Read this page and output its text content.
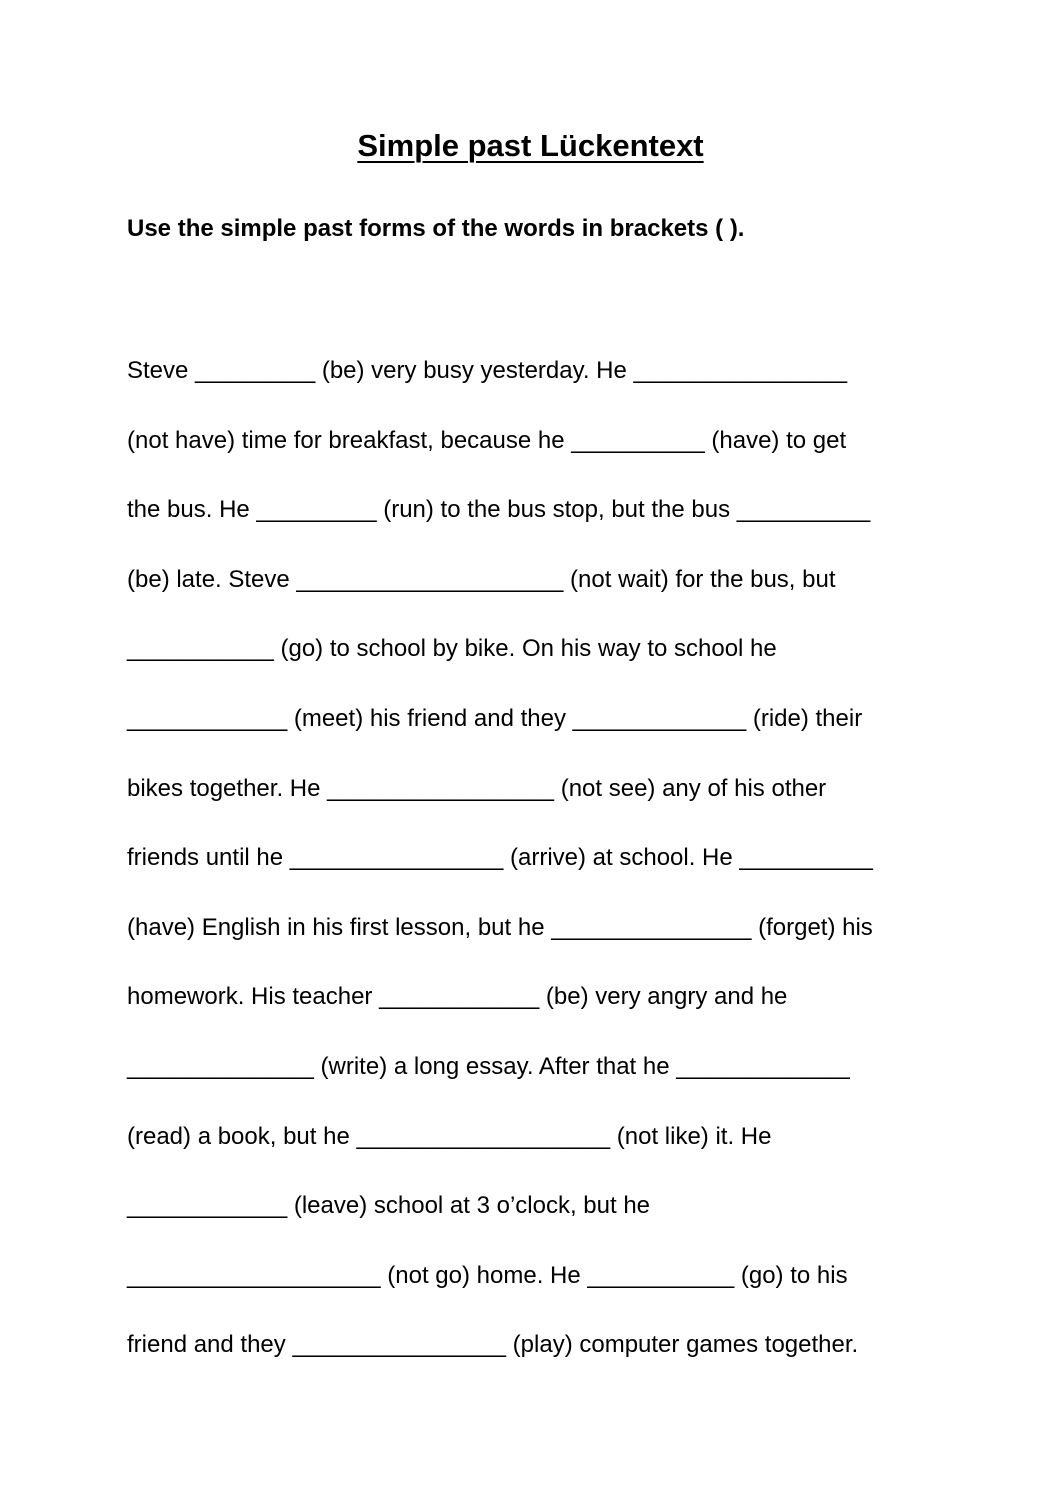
Simple past Lückentext

Use the simple past forms of the words in brackets ( ).

Steve _________ (be) very busy yesterday. He ________________
(not have) time for breakfast, because he __________ (have) to get
the bus. He _________ (run) to the bus stop, but the bus __________
(be) late. Steve ____________________ (not wait) for the bus, but
___________ (go) to school by bike. On his way to school he
____________ (meet) his friend and they _____________ (ride) their
bikes together. He _________________ (not see) any of his other
friends until he ________________ (arrive) at school. He __________
(have) English in his first lesson, but he _______________ (forget) his
homework. His teacher ____________ (be) very angry and he
______________ (write) a long essay. After that he _____________
(read) a book, but he ___________________ (not like) it. He
____________ (leave) school at 3 o’clock, but he
___________________ (not go) home. He ___________ (go) to his
friend and they ________________ (play) computer games together.
